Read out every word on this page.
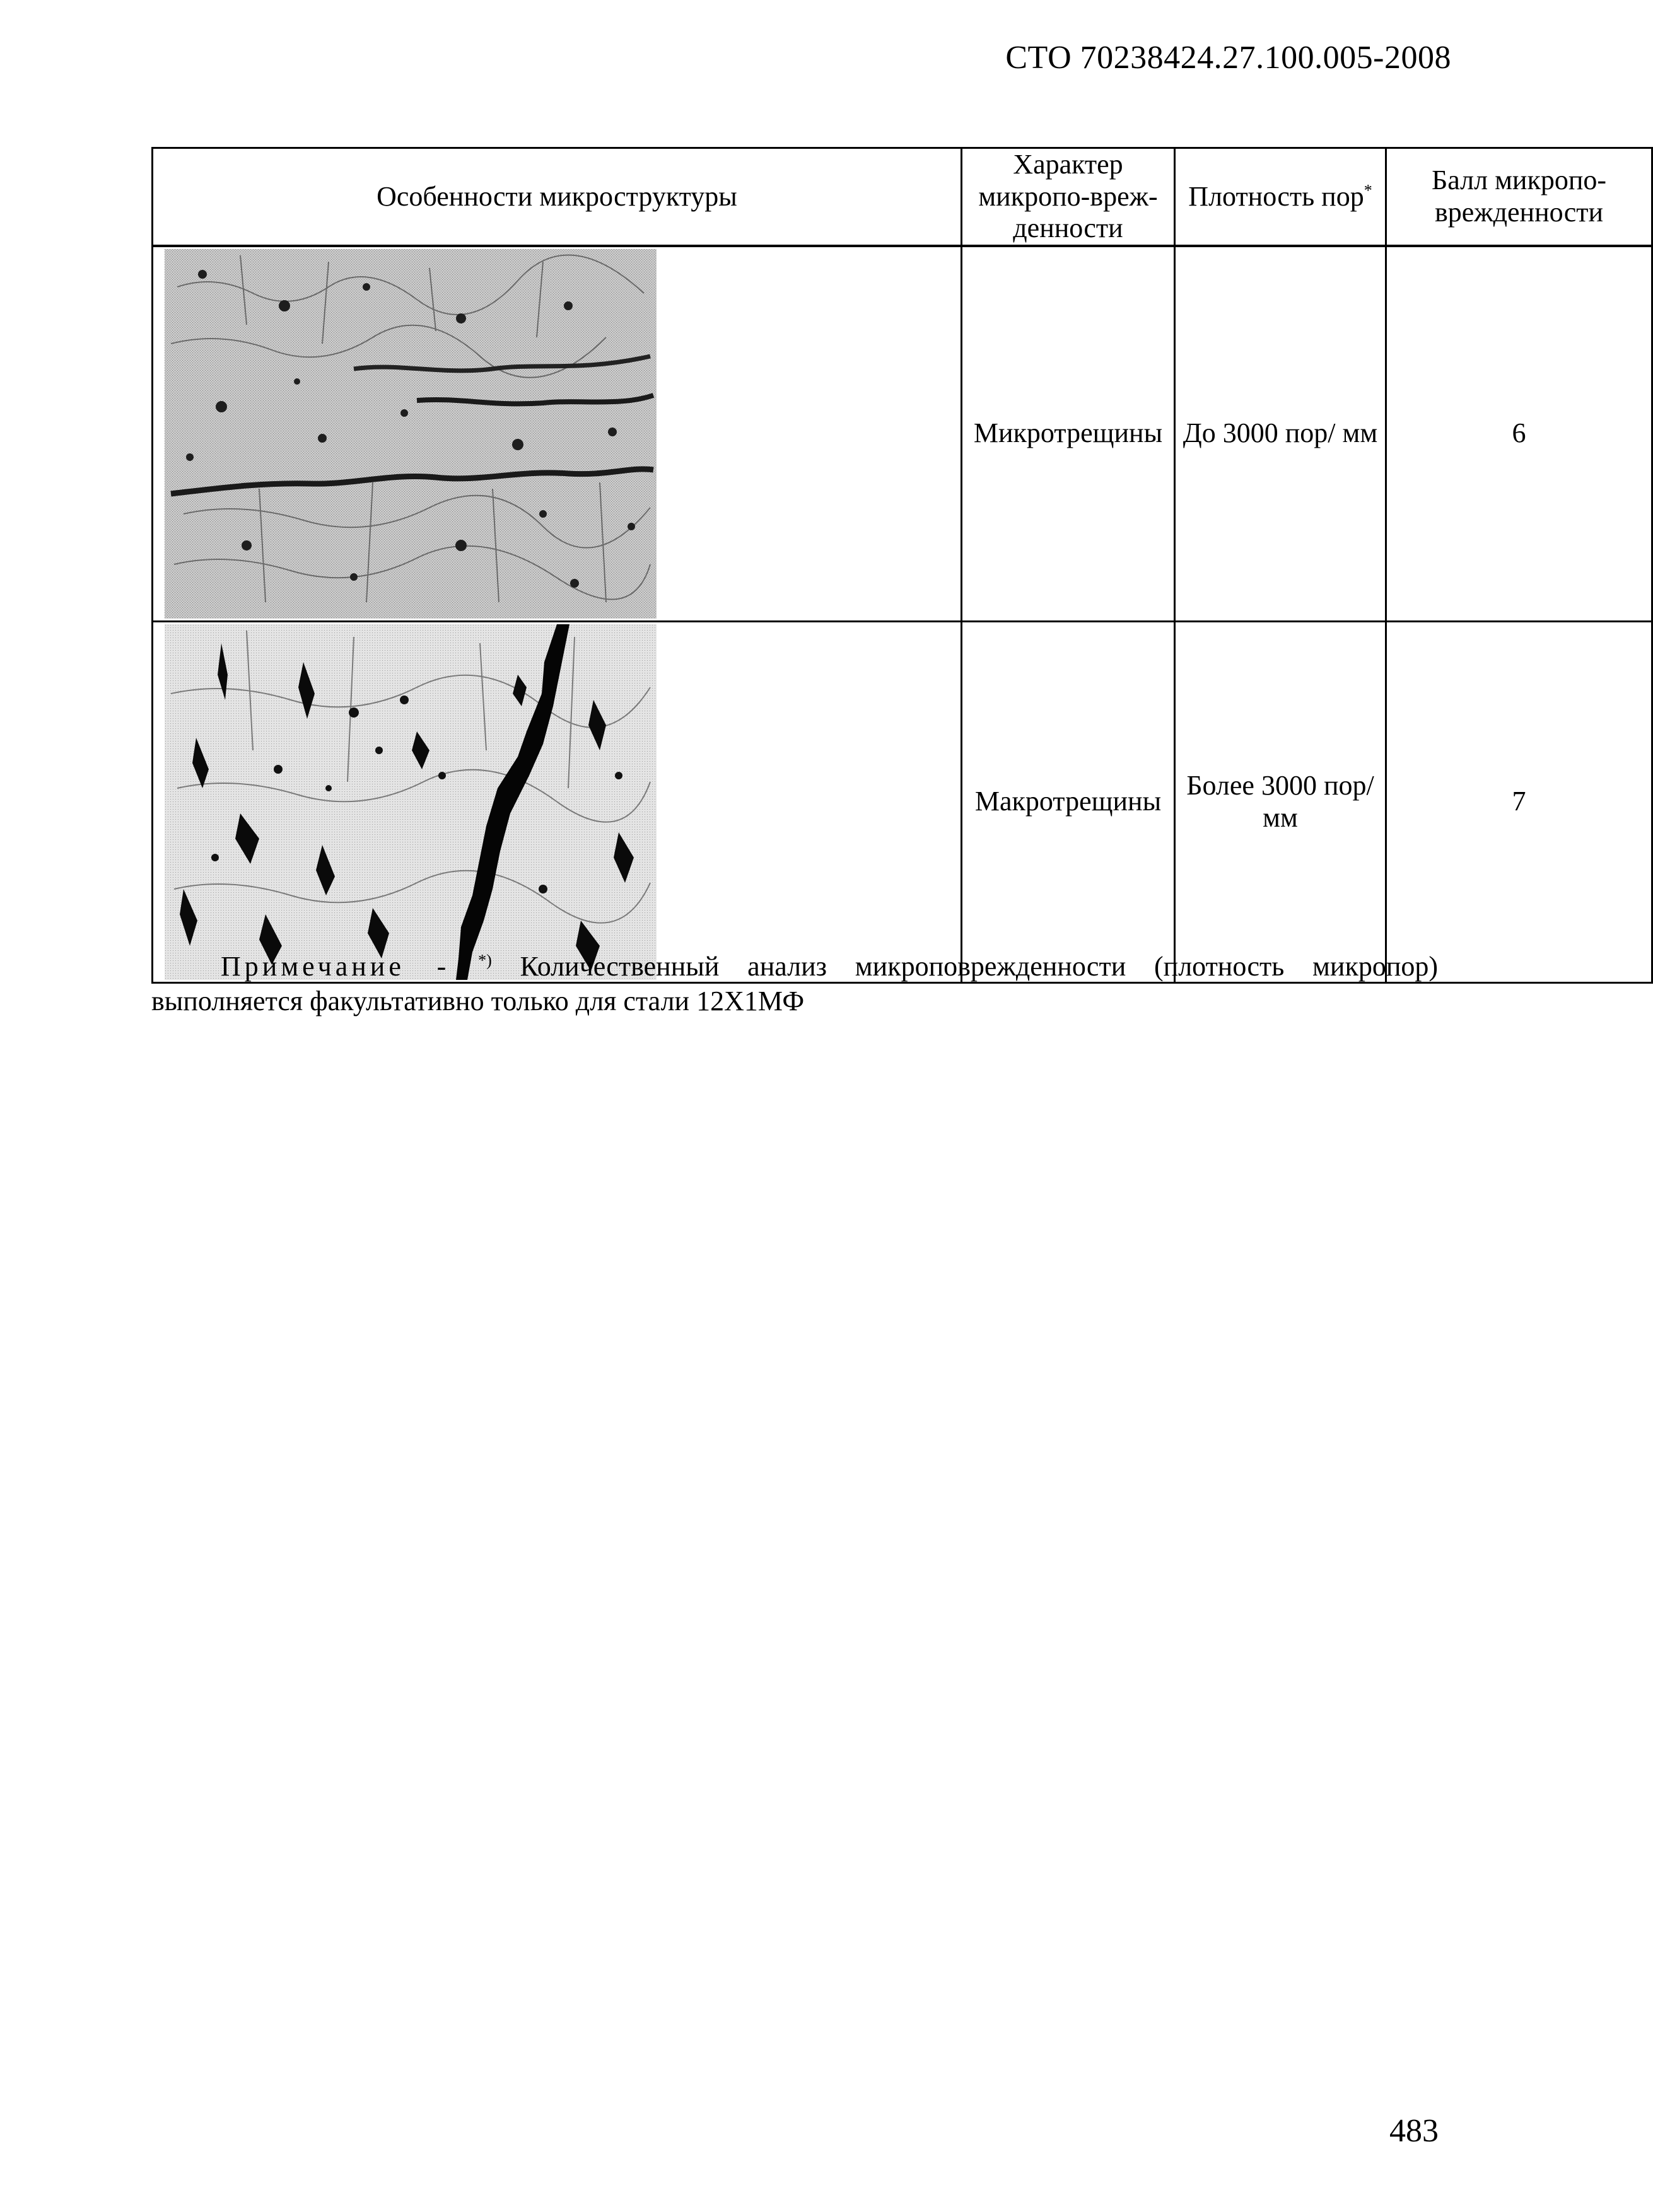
СТО 70238424.27.100.005-2008
Особенности микроструктуры	Характер микропо-врежденности	Плотность пор*	Балл микропо-врежденности

	Микротрещины	До 3000 пор/ мм	6

	Макротрещины	Более 3000 пор/ мм	7
Примечание - *) Количественный анализ микроповрежденности (плотность микропор) выполняется факультативно только для стали 12Х1МФ
483
